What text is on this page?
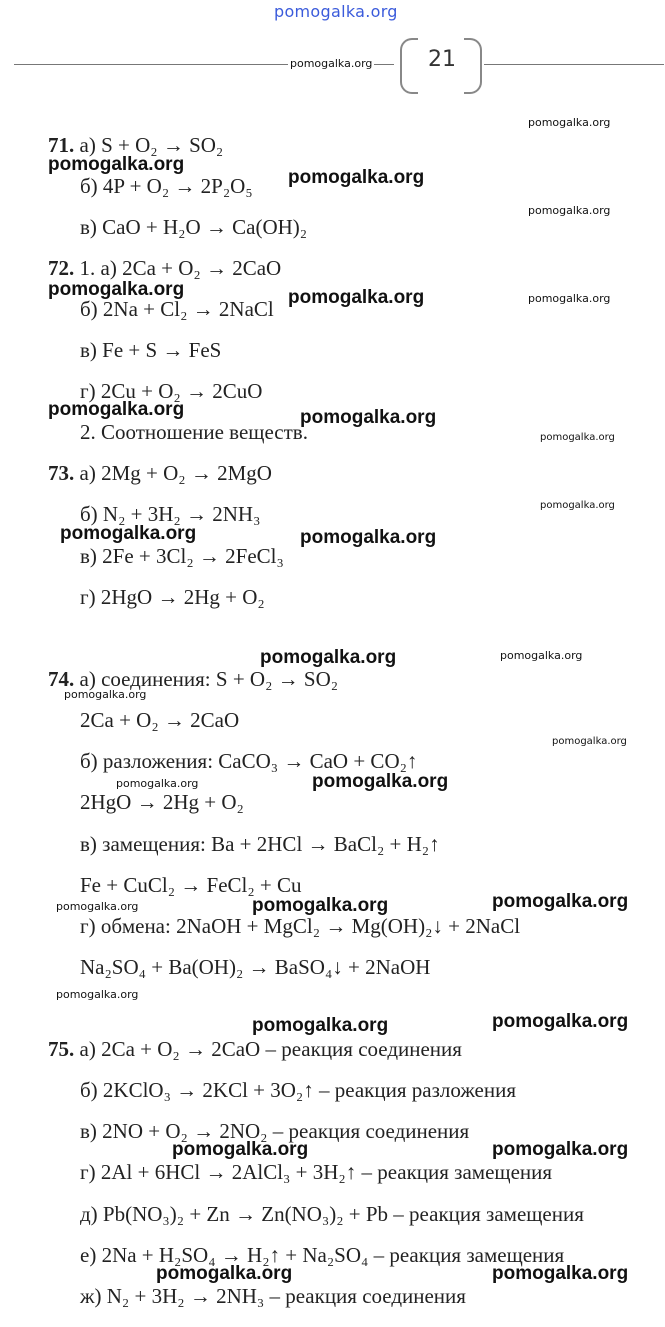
pomogalka.org
pomogalka.org	21
71. а) S + O₂ → SO₂
б) 4P + O₂ → 2P₂O₅
в) CaO + H₂O → Ca(OH)₂
72. 1. а) 2Ca + O₂ → 2CaO
б) 2Na + Cl₂ → 2NaCl
в) Fe + S → FeS
г) 2Cu + O₂ → 2CuO
2. Соотношение веществ.
73. а) 2Mg + O₂ → 2MgO
б) N₂ + 3H₂ → 2NH₃
в) 2Fe + 3Cl₂ → 2FeCl₃
г) 2HgO → 2Hg + O₂
74. а) соединения: S + O₂ → SO₂
2Ca + O₂ → 2CaO
б) разложения: CaCO₃ → CaO + CO₂↑
2HgO → 2Hg + O₂
в) замещения: Ba + 2HCl → BaCl₂ + H₂↑
Fe + CuCl₂ → FeCl₂ + Cu
г) обмена: 2NaOH + MgCl₂ → Mg(OH)₂↓ + 2NaCl
Na₂SO₄ + Ba(OH)₂ → BaSO₄↓ + 2NaOH
75. а) 2Ca + O₂ → 2CaO – реакция соединения
б) 2KClO₃ → 2KCl + 3O₂↑ – реакция разложения
в) 2NO + O₂ → 2NO₂ – реакция соединения
г) 2Al + 6HCl → 2AlCl₃ + 3H₂↑ – реакция замещения
д) Pb(NO₃)₂ + Zn → Zn(NO₃)₂ + Pb – реакция замещения
е) 2Na + H₂SO₄ → H₂↑ + Na₂SO₄ – реакция замещения
ж) N₂ + 3H₂ → 2NH₃ – реакция соединения
pomogalka.org
pomogalka.org
pomogalka.org
pomogalka.org
pomogalka.org	pomogalka.org	pomogalka.org
pomogalka.org	pomogalka.org
pomogalka.org
pomogalka.org
pomogalka.org	pomogalka.org
pomogalka.org	pomogalka.org
pomogalka.org
pomogalka.org
pomogalka.org	pomogalka.org
pomogalka.org	pomogalka.org	pomogalka.org
pomogalka.org
pomogalka.org	pomogalka.org
pomogalka.org	pomogalka.org
pomogalka.org	pomogalka.org
